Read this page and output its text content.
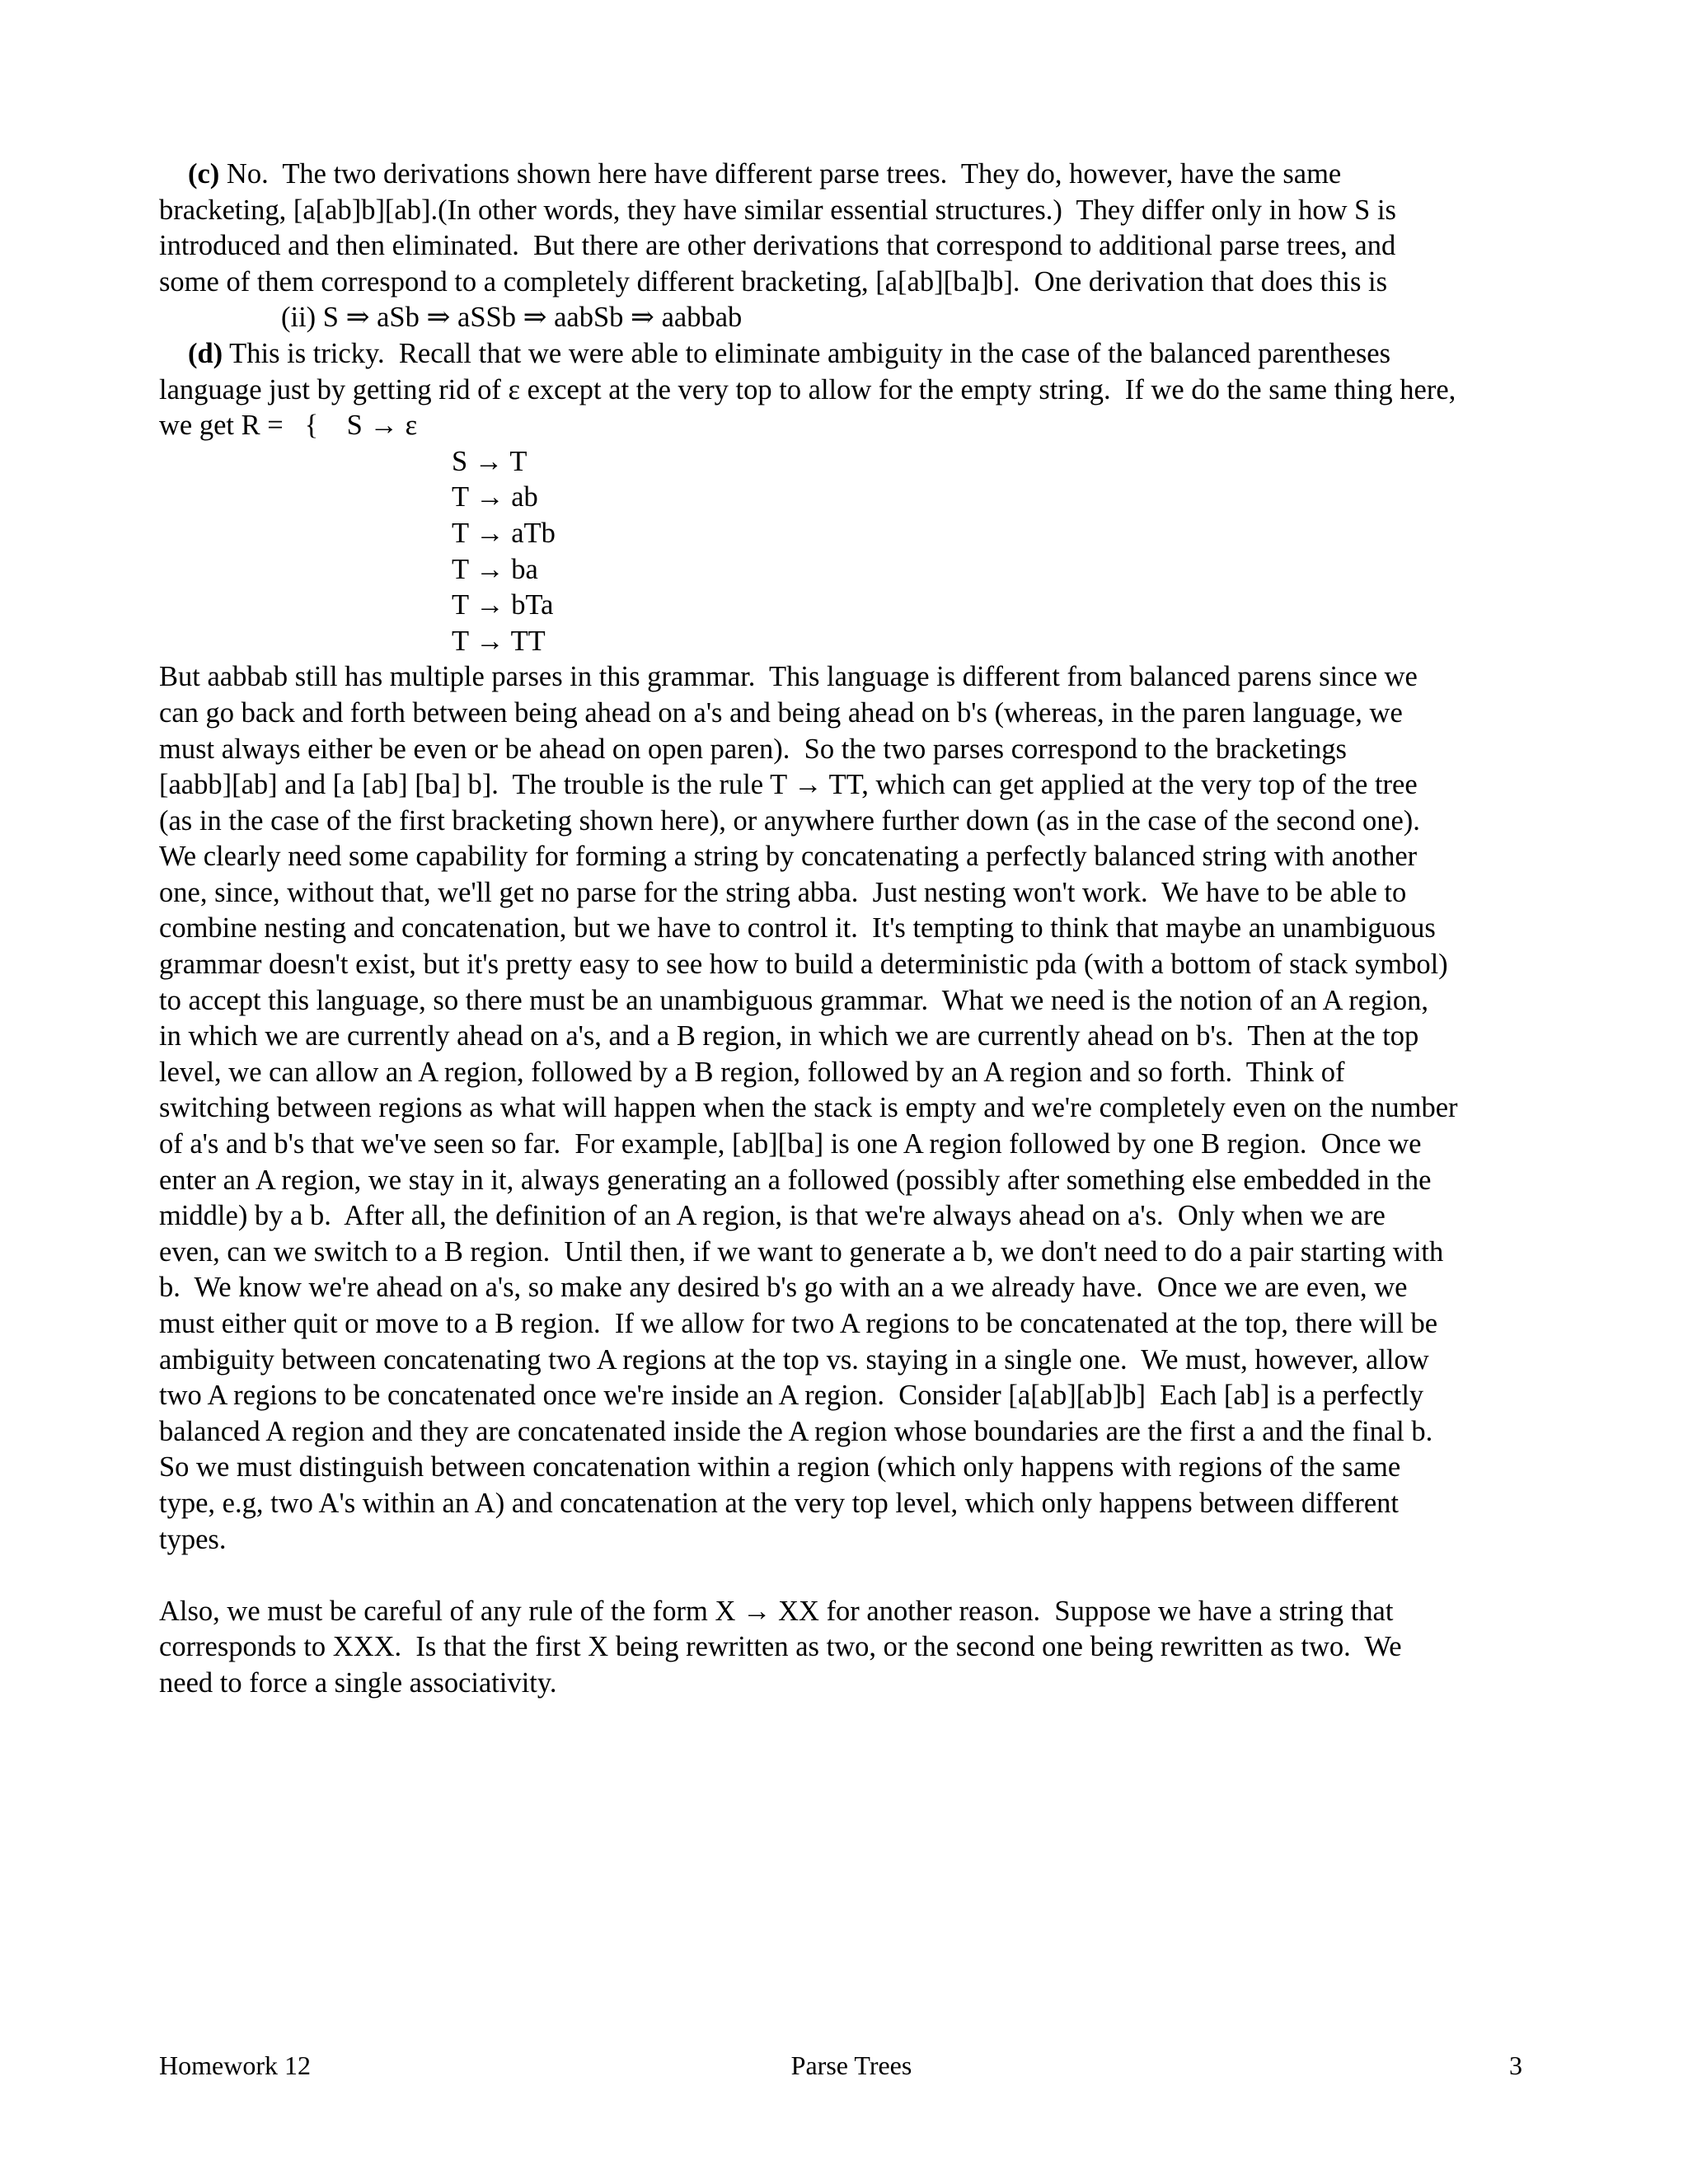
(c) No.  The two derivations shown here have different parse trees.  They do, however, have the same
bracketing, [a[ab]b][ab].(In other words, they have similar essential structures.)  They differ only in how S is
introduced and then eliminated.  But there are other derivations that correspond to additional parse trees, and
some of them correspond to a completely different bracketing, [a[ab][ba]b].  One derivation that does this is
(ii) S ⇒ aSb ⇒ aSSb ⇒ aabSb ⇒ aabbab
(d) This is tricky.  Recall that we were able to eliminate ambiguity in the case of the balanced parentheses
language just by getting rid of ε except at the very top to allow for the empty string.  If we do the same thing here,
we get R =   {    S → ε
S → T
T → ab
T → aTb
T → ba
T → bTa
T → TT
But aabbab still has multiple parses in this grammar.  This language is different from balanced parens since we
can go back and forth between being ahead on a's and being ahead on b's (whereas, in the paren language, we
must always either be even or be ahead on open paren).  So the two parses correspond to the bracketings
[aabb][ab] and [a [ab] [ba] b].  The trouble is the rule T → TT, which can get applied at the very top of the tree
(as in the case of the first bracketing shown here), or anywhere further down (as in the case of the second one).
We clearly need some capability for forming a string by concatenating a perfectly balanced string with another
one, since, without that, we'll get no parse for the string abba.  Just nesting won't work.  We have to be able to
combine nesting and concatenation, but we have to control it.  It's tempting to think that maybe an unambiguous
grammar doesn't exist, but it's pretty easy to see how to build a deterministic pda (with a bottom of stack symbol)
to accept this language, so there must be an unambiguous grammar.  What we need is the notion of an A region,
in which we are currently ahead on a's, and a B region, in which we are currently ahead on b's.  Then at the top
level, we can allow an A region, followed by a B region, followed by an A region and so forth.  Think of
switching between regions as what will happen when the stack is empty and we're completely even on the number
of a's and b's that we've seen so far.  For example, [ab][ba] is one A region followed by one B region.  Once we
enter an A region, we stay in it, always generating an a followed (possibly after something else embedded in the
middle) by a b.  After all, the definition of an A region, is that we're always ahead on a's.  Only when we are
even, can we switch to a B region.  Until then, if we want to generate a b, we don't need to do a pair starting with
b.  We know we're ahead on a's, so make any desired b's go with an a we already have.  Once we are even, we
must either quit or move to a B region.  If we allow for two A regions to be concatenated at the top, there will be
ambiguity between concatenating two A regions at the top vs. staying in a single one.  We must, however, allow
two A regions to be concatenated once we're inside an A region.  Consider [a[ab][ab]b]  Each [ab] is a perfectly
balanced A region and they are concatenated inside the A region whose boundaries are the first a and the final b.
So we must distinguish between concatenation within a region (which only happens with regions of the same
type, e.g, two A's within an A) and concatenation at the very top level, which only happens between different
types.
Also, we must be careful of any rule of the form X → XX for another reason.  Suppose we have a string that
corresponds to XXX.  Is that the first X being rewritten as two, or the second one being rewritten as two.  We
need to force a single associativity.
Homework 12	Parse Trees	3
